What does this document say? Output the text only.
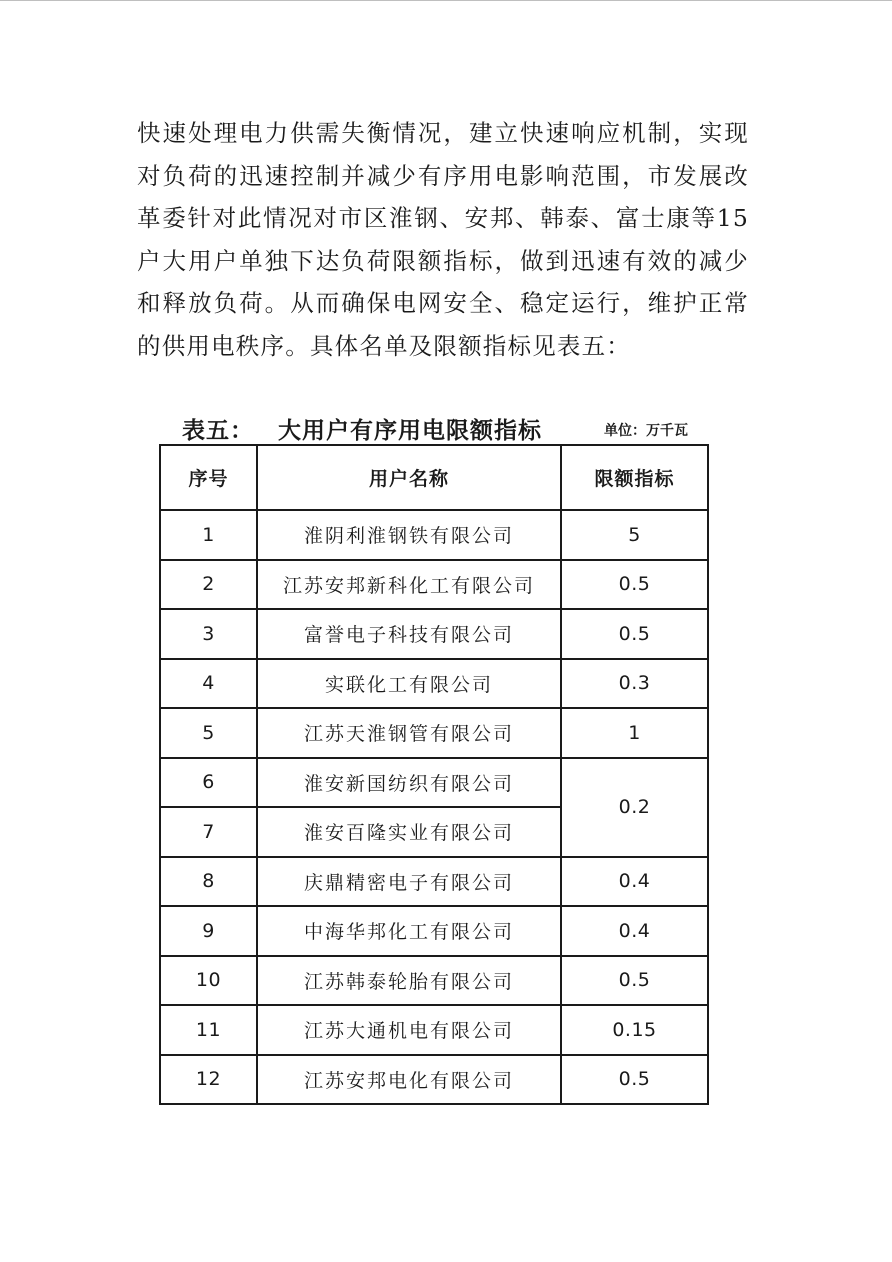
快速处理电力供需失衡情况，建立快速响应机制，实现对负荷的迅速控制并减少有序用电影响范围，市发展改革委针对此情况对市区淮钢、安邦、韩泰、富士康等15户大用户单独下达负荷限额指标，做到迅速有效的减少和释放负荷。从而确保电网安全、稳定运行，维护正常的供用电秩序。具体名单及限额指标见表五：

表五： 大用户有序用电限额指标	单位：万千瓦
序号	用户名称	限额指标
1	淮阴利淮钢铁有限公司	5
2	江苏安邦新科化工有限公司	0.5
3	富誉电子科技有限公司	0.5
4	实联化工有限公司	0.3
5	江苏天淮钢管有限公司	1
6	淮安新国纺织有限公司	0.2
7	淮安百隆实业有限公司	
8	庆鼎精密电子有限公司	0.4
9	中海华邦化工有限公司	0.4
10	江苏韩泰轮胎有限公司	0.5
11	江苏大通机电有限公司	0.15
12	江苏安邦电化有限公司	0.5
